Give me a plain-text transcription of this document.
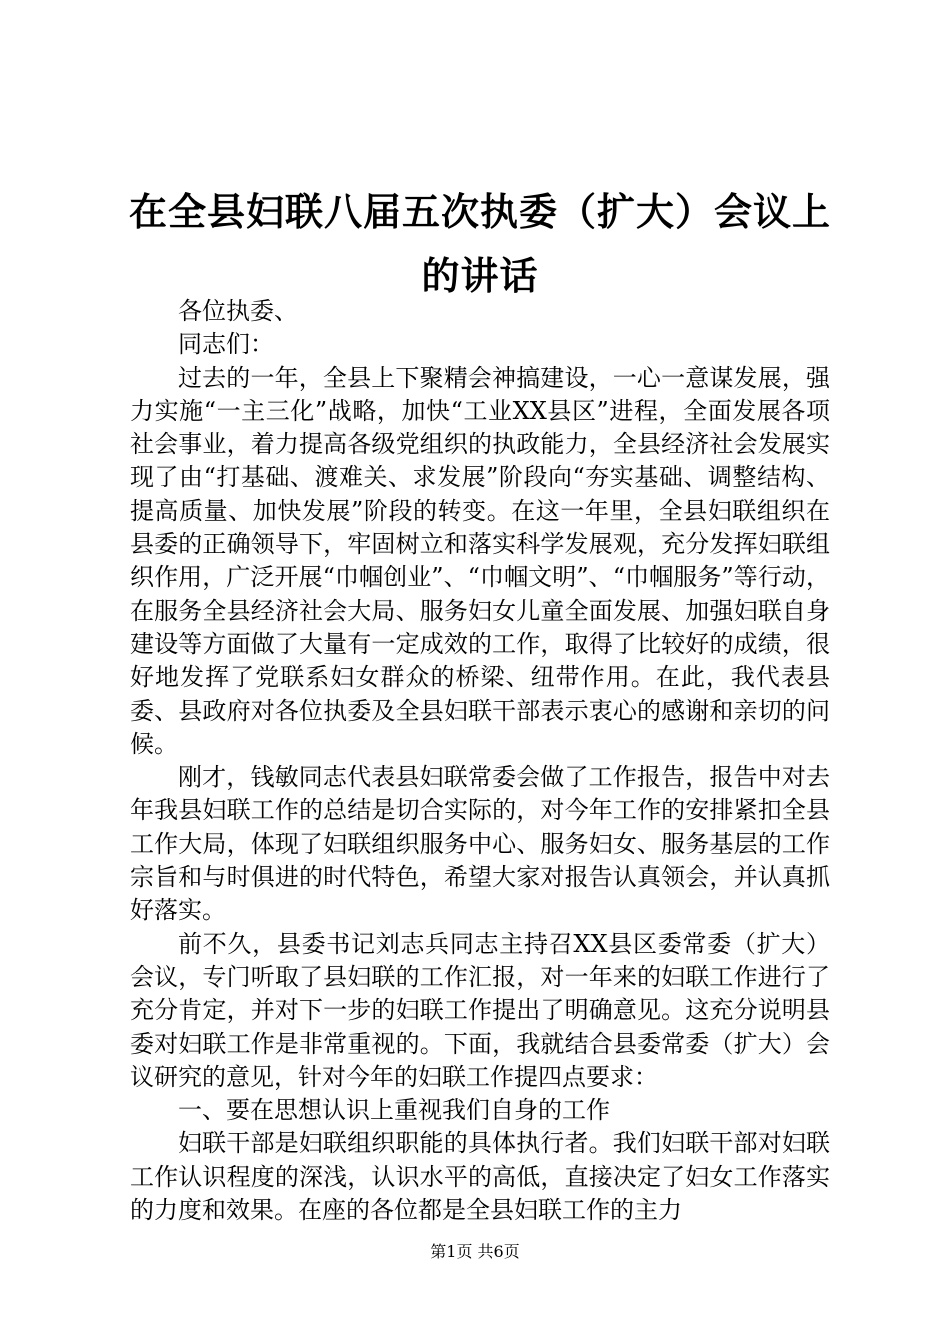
在全县妇联八届五次执委（扩大）会议上的讲话

各位执委、

同志们：

过去的一年，全县上下聚精会神搞建设，一心一意谋发展，强力实施“一主三化”战略，加快“工业XX县区”进程，全面发展各项社会事业，着力提高各级党组织的执政能力，全县经济社会发展实现了由“打基础、渡难关、求发展”阶段向“夯实基础、调整结构、提高质量、加快发展”阶段的转变。在这一年里，全县妇联组织在县委的正确领导下，牢固树立和落实科学发展观，充分发挥妇联组织作用，广泛开展“巾帼创业”、“巾帼文明”、“巾帼服务”等行动，在服务全县经济社会大局、服务妇女儿童全面发展、加强妇联自身建设等方面做了大量有一定成效的工作，取得了比较好的成绩，很好地发挥了党联系妇女群众的桥梁、纽带作用。在此，我代表县委、县政府对各位执委及全县妇联干部表示衷心的感谢和亲切的问候。

刚才，钱敏同志代表县妇联常委会做了工作报告，报告中对去年我县妇联工作的总结是切合实际的，对今年工作的安排紧扣全县工作大局，体现了妇联组织服务中心、服务妇女、服务基层的工作宗旨和与时俱进的时代特色，希望大家对报告认真领会，并认真抓好落实。

前不久，县委书记刘志兵同志主持召XX县区委常委（扩大）会议，专门听取了县妇联的工作汇报，对一年来的妇联工作进行了充分肯定，并对下一步的妇联工作提出了明确意见。这充分说明县委对妇联工作是非常重视的。下面，我就结合县委常委（扩大）会议研究的意见，针对今年的妇联工作提四点要求：

一、要在思想认识上重视我们自身的工作

妇联干部是妇联组织职能的具体执行者。我们妇联干部对妇联工作认识程度的深浅，认识水平的高低，直接决定了妇女工作落实的力度和效果。在座的各位都是全县妇联工作的主力

第1页 共6页
